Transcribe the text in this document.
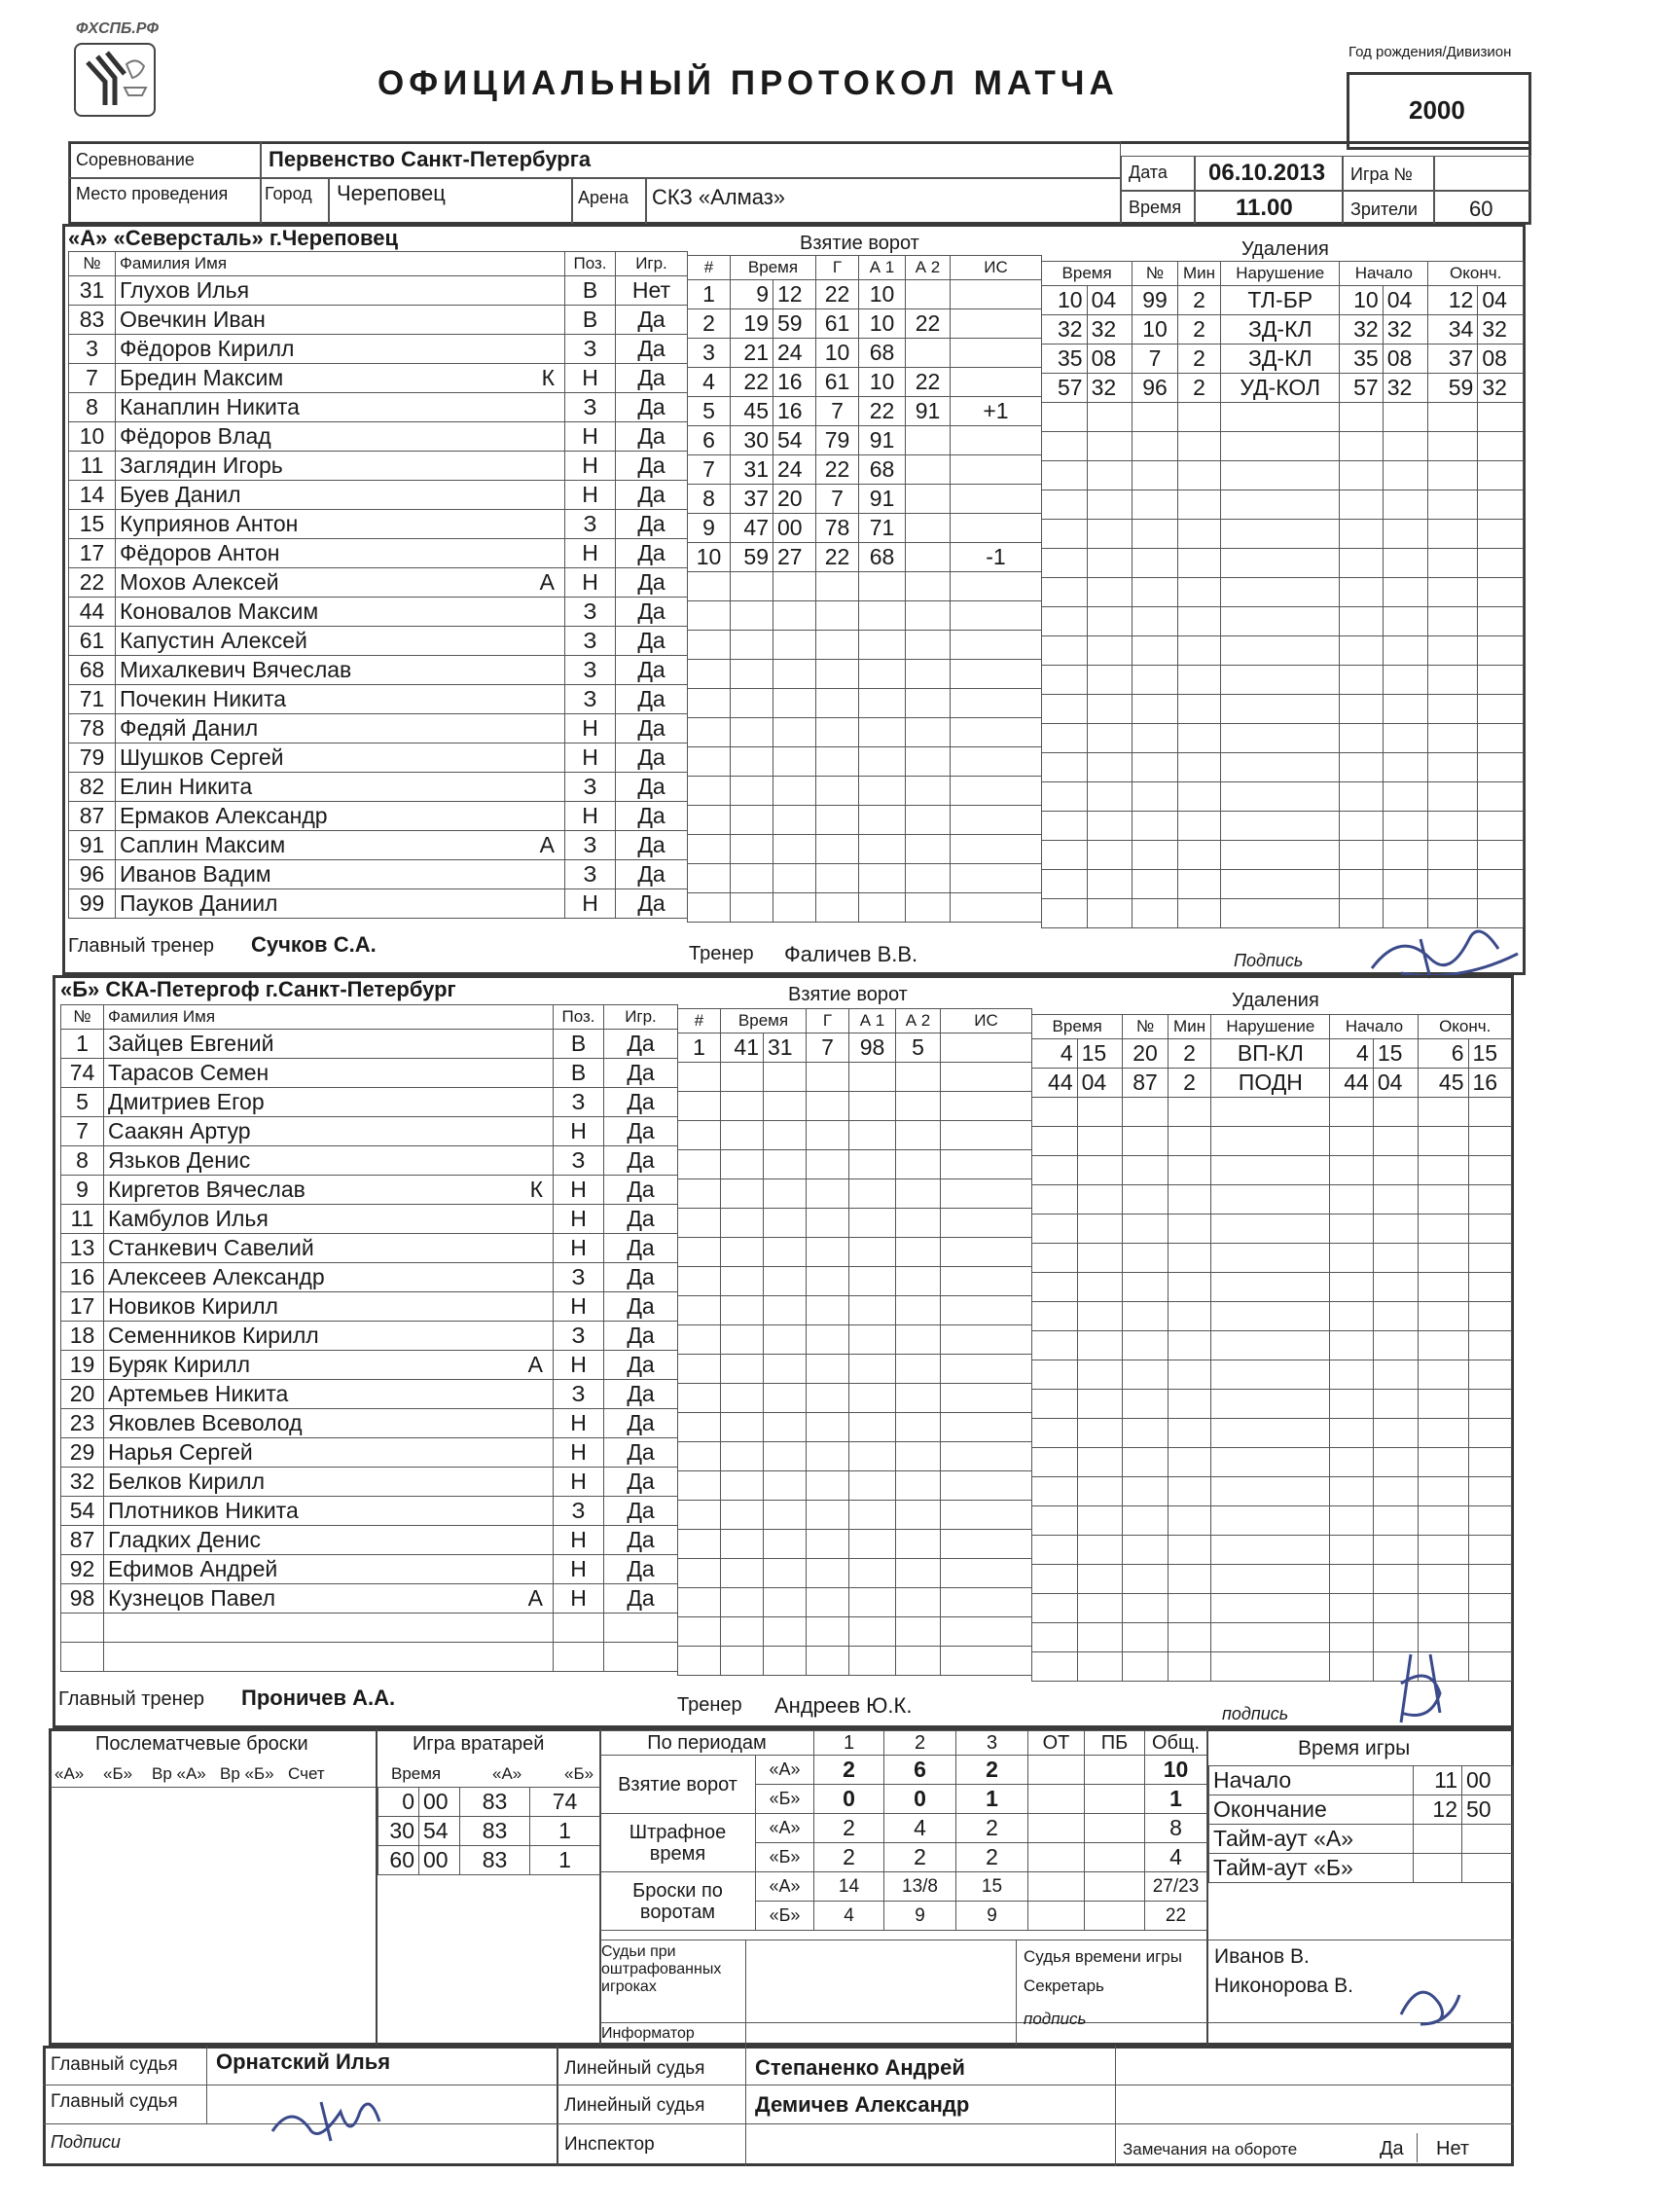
ФХСПБ.РФ
ОФИЦИАЛЬНЫЙ ПРОТОКОЛ МАТЧА
Год рождения/Дивизион
2000
Соревнование	Первенство Санкт-Петербурга
Место проведения Город Череповец	Арена СКЗ «Алмаз»
Дата 06.10.2013 Игра №
Время 11.00	Зрители 60
«А» «Северсталь» г.Череповец	Взятие ворот	Удаления
№	Фамилия Имя	Поз.	Игр.
31	Глухов Илья	В	Нет
83	Овечкин Иван	В	Да
3	Фёдоров Кирилл	З	Да
7	Бредин Максим К	Н	Да
8	Канаплин Никита	З	Да
10	Фёдоров Влад	Н	Да
11	Заглядин Игорь	Н	Да
14	Буев Данил	Н	Да
15	Куприянов Антон	З	Да
17	Фёдоров Антон	Н	Да
22	Мохов Алексей А	Н	Да
44	Коновалов Максим	З	Да
61	Капустин Алексей	З	Да
68	Михалкевич Вячеслав	З	Да
71	Почекин Никита	З	Да
78	Федяй Данил	Н	Да
79	Шушков Сергей	Н	Да
82	Елин Никита	З	Да
87	Ермаков Александр	Н	Да
91	Саплин Максим А	З	Да
96	Иванов Вадим	З	Да
99	Пауков Даниил	Н	Да
#	Время		Г	А 1	А 2	ИС
1	9	12	22	10		
2	19	59	61	10	22	
3	21	24	10	68		
4	22	16	61	10	22	
5	45	16	7	22	91	+1
6	30	54	79	91		
7	31	24	22	68		
8	37	20	7	91		
9	47	00	78	71		
10	59	27	22	68		-1

Время		№	Мин	Нарушение	Начало		Оконч.	
10	04	99	2	ТЛ-БР	10	04	12	04
32	32	10	2	ЗД-КЛ	32	32	34	32
35	08	7	2	ЗД-КЛ	35	08	37	08
57	32	96	2	УД-КОЛ	57	32	59	32

Главный тренер Сучков С.А.	Тренер Фаличев В.В.	Подпись
«Б» СКА-Петергоф г.Санкт-Петербург	Взятие ворот	Удаления
№	Фамилия Имя	Поз.	Игр.
1	Зайцев Евгений	В	Да
74	Тарасов Семен	В	Да
5	Дмитриев Егор	З	Да
7	Саакян Артур	Н	Да
8	Язьков Денис	З	Да
9	Киргетов Вячеслав К	Н	Да
11	Камбулов Илья	Н	Да
13	Станкевич Савелий	Н	Да
16	Алексеев Александр	З	Да
17	Новиков Кирилл	Н	Да
18	Семенников Кирилл	З	Да
19	Буряк Кирилл А	Н	Да
20	Артемьев Никита	З	Да
23	Яковлев Всеволод	Н	Да
29	Нарья Сергей	Н	Да
32	Белков Кирилл	Н	Да
54	Плотников Никита	З	Да
87	Гладких Денис	Н	Да
92	Ефимов Андрей	Н	Да
98	Кузнецов Павел А	Н	Да

#	Время		Г	А 1	А 2	ИС
1	41	31	7	98	5	

Время		№	Мин	Нарушение	Начало		Оконч.	
4	15	20	2	ВП-КЛ	4	15	6	15
44	04	87	2	ПОДН	44	04	45	16

Главный тренер Проничев А.А.	Тренер Андреев Ю.К.	подпись
Послематчевые броски
«А» «Б» Вр «А» Вр «Б» Счет
Игра вратарей
Время	«А»	«Б»
0	00	83	74
30	54	83	1
60	00	83	1
По периодам		1	2	3	ОТ	ПБ	Общ.
Взятие ворот	«А»	2	6	2			10
	«Б»	0	0	1			1
Штрафное время	«А»	2	4	2			8
	«Б»	2	2	2			4
Броски по воротам	«А»	14	13/8	15			27/23
	«Б»	4	9	9			22
Время игры
Начало	11	00
Окончание	12	50
Тайм-аут «А»		
Тайм-аут «Б»		
Судьи при оштрафованных игроках
Информатор
Судья времени игры Иванов В.
Секретарь	Никонорова В.
подпись
Главный судья Орнатский Илья
Главный судья
Подписи
Линейный судья Степаненко Андрей
Линейный судья Демичев Александр
Инспектор	Замечания на обороте	Да Нет
